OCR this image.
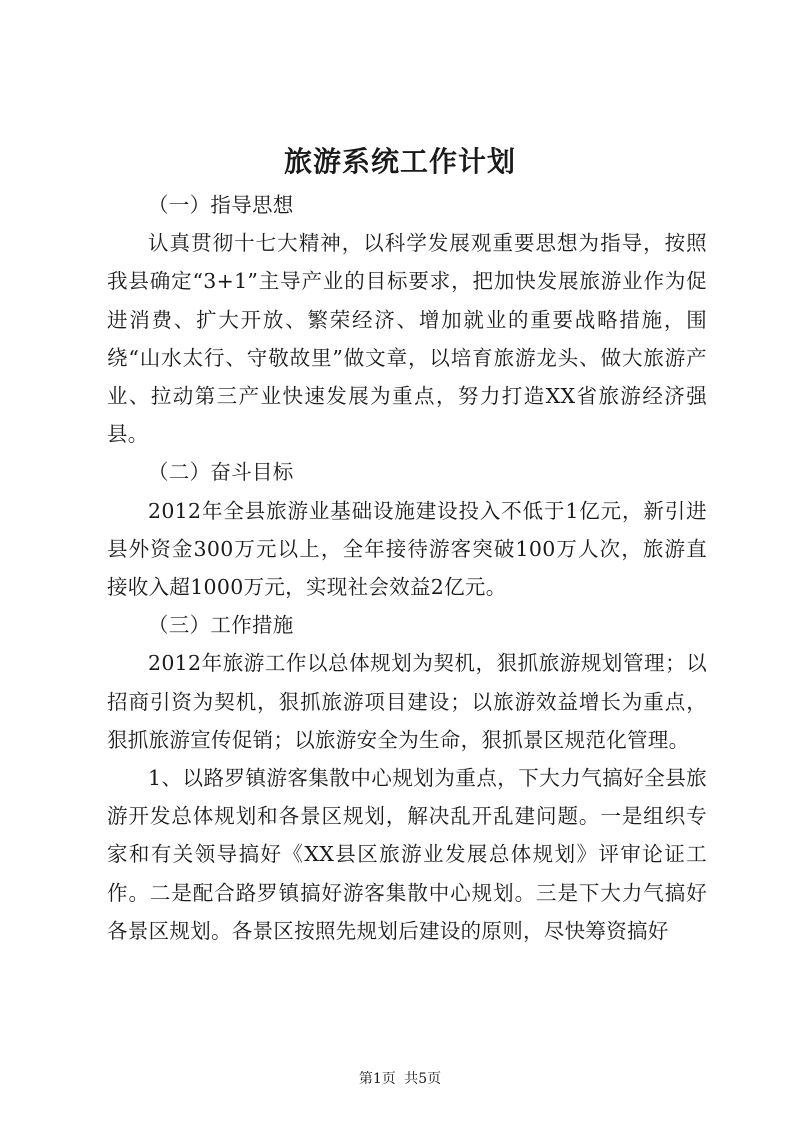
旅游系统工作计划

（一）指导思想

认真贯彻十七大精神，以科学发展观重要思想为指导，按照我县确定“3+1”主导产业的目标要求，把加快发展旅游业作为促进消费、扩大开放、繁荣经济、增加就业的重要战略措施，围绕“山水太行、守敬故里”做文章，以培育旅游龙头、做大旅游产业、拉动第三产业快速发展为重点，努力打造XX省旅游经济强县。

（二）奋斗目标

2012年全县旅游业基础设施建设投入不低于1亿元，新引进县外资金300万元以上，全年接待游客突破100万人次，旅游直接收入超1000万元，实现社会效益2亿元。

（三）工作措施

2012年旅游工作以总体规划为契机，狠抓旅游规划管理；以招商引资为契机，狠抓旅游项目建设；以旅游效益增长为重点，狠抓旅游宣传促销；以旅游安全为生命，狠抓景区规范化管理。

1、以路罗镇游客集散中心规划为重点，下大力气搞好全县旅游开发总体规划和各景区规划，解决乱开乱建问题。一是组织专家和有关领导搞好《XX县区旅游业发展总体规划》评审论证工作。二是配合路罗镇搞好游客集散中心规划。三是下大力气搞好各景区规划。各景区按照先规划后建设的原则，尽快筹资搞好

第1页 共5页
